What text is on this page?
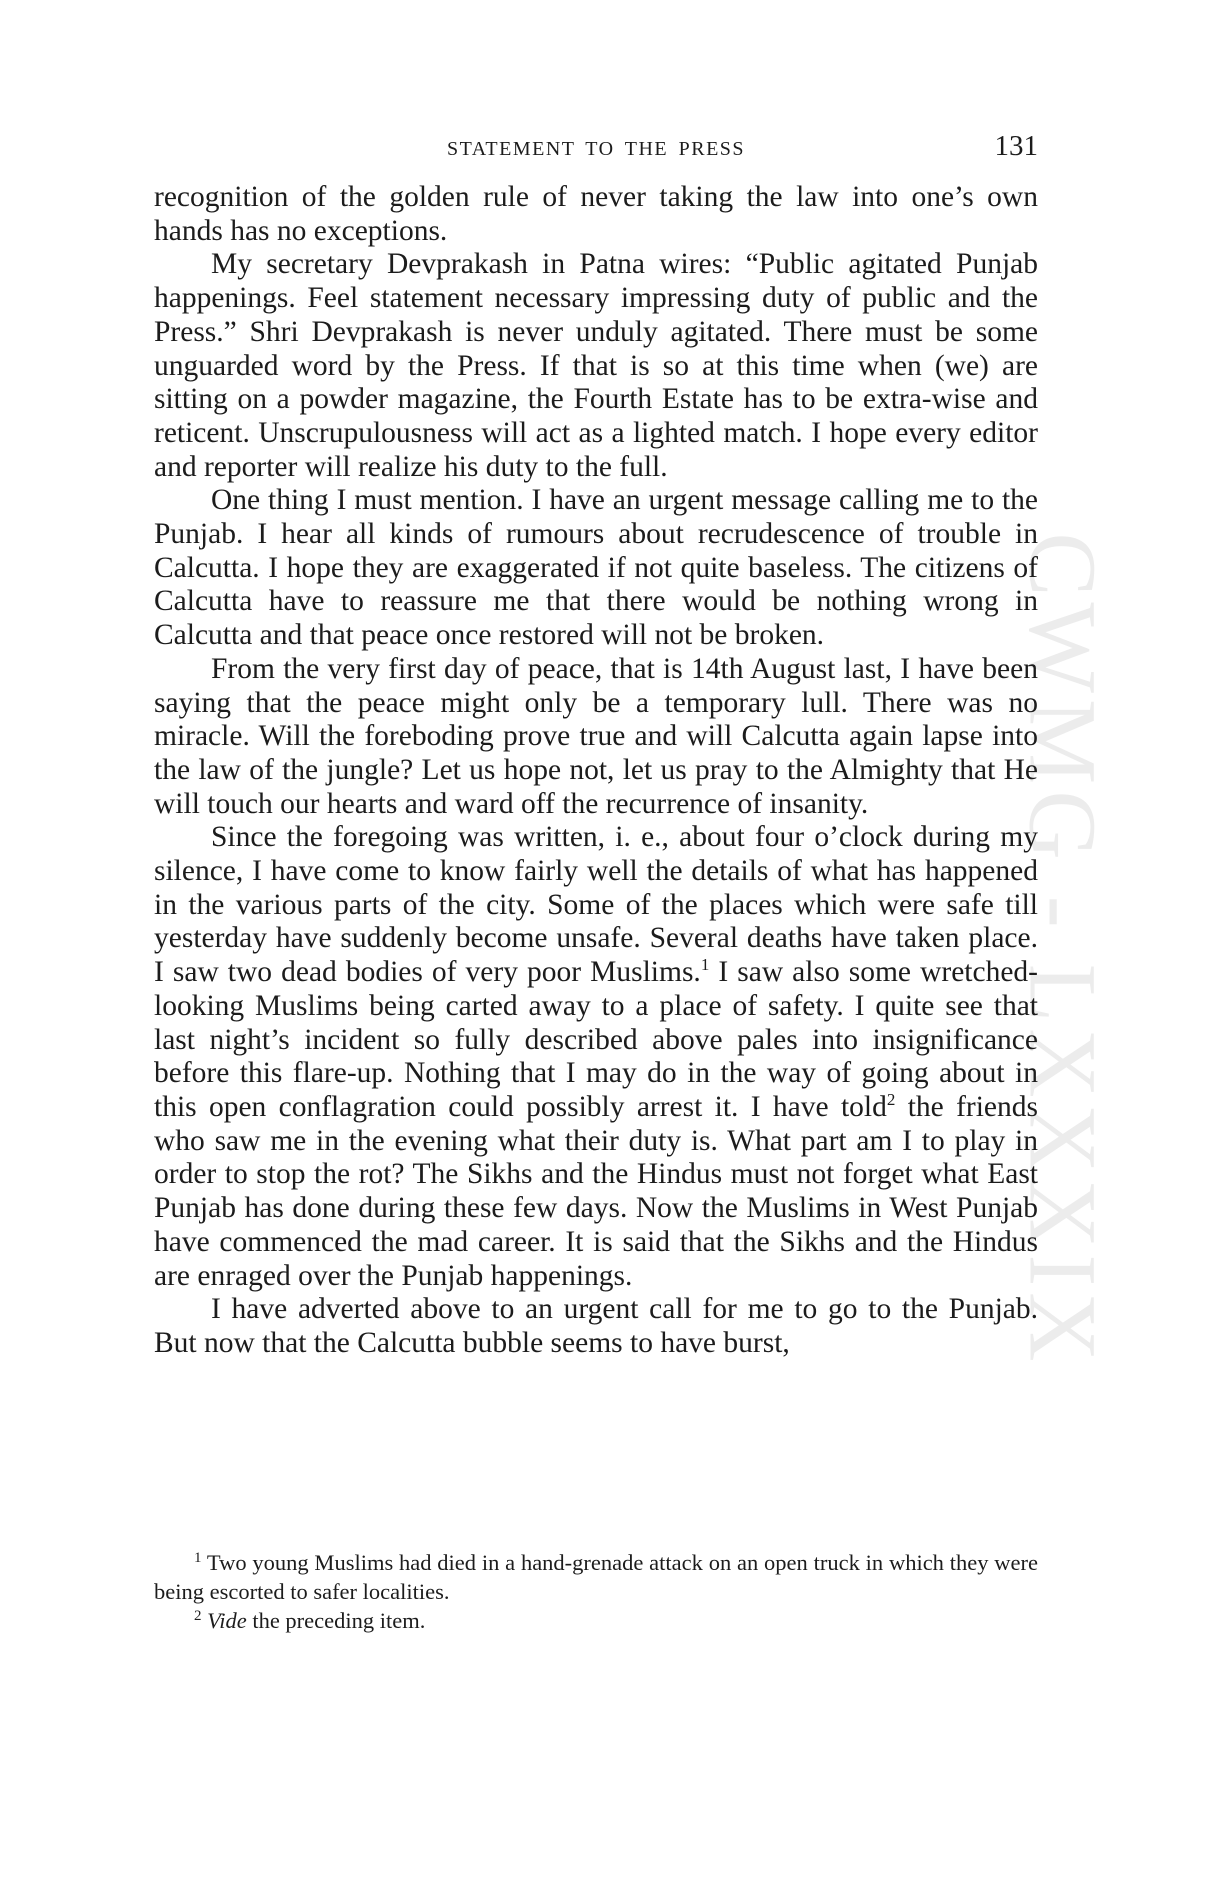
CWMG - LXXXIX
STATEMENT TO THE PRESS	131

recognition of the golden rule of never taking the law into one’s own hands has no exceptions.

My secretary Devprakash in Patna wires: “Public agitated Punjab happenings. Feel statement necessary impressing duty of public and the Press.” Shri Devprakash is never unduly agitated. There must be some unguarded word by the Press. If that is so at this time when (we) are sitting on a powder magazine, the Fourth Estate has to be extra-wise and reticent. Unscrupulousness will act as a lighted match. I hope every editor and reporter will realize his duty to the full.

One thing I must mention. I have an urgent message calling me to the Punjab. I hear all kinds of rumours about recrudescence of trouble in Calcutta. I hope they are exaggerated if not quite baseless. The citizens of Calcutta have to reassure me that there would be nothing wrong in Calcutta and that peace once restored will not be broken.

From the very first day of peace, that is 14th August last, I have been saying that the peace might only be a temporary lull. There was no miracle. Will the foreboding prove true and will Calcutta again lapse into the law of the jungle? Let us hope not, let us pray to the Almighty that He will touch our hearts and ward off the recurrence of insanity.

Since the foregoing was written, i. e., about four o’clock during my silence, I have come to know fairly well the details of what has happened in the various parts of the city. Some of the places which were safe till yesterday have suddenly become unsafe. Several deaths have taken place. I saw two dead bodies of very poor Muslims.$^1$ I saw also some wretched-looking Muslims being carted away to a place of safety. I quite see that last night’s incident so fully described above pales into insignificance before this flare-up. Nothing that I may do in the way of going about in this open conflagration could possibly arrest it. I have told$^2$ the friends who saw me in the evening what their duty is. What part am I to play in order to stop the rot? The Sikhs and the Hindus must not forget what East Punjab has done during these few days. Now the Muslims in West Punjab have commenced the mad career. It is said that the Sikhs and the Hindus are enraged over the Punjab happenings.

I have adverted above to an urgent call for me to go to the Punjab. But now that the Calcutta bubble seems to have burst,

$^1$ Two young Muslims had died in a hand-grenade attack on an open truck in which they were being escorted to safer localities.

$^2$ Vide the preceding item.
